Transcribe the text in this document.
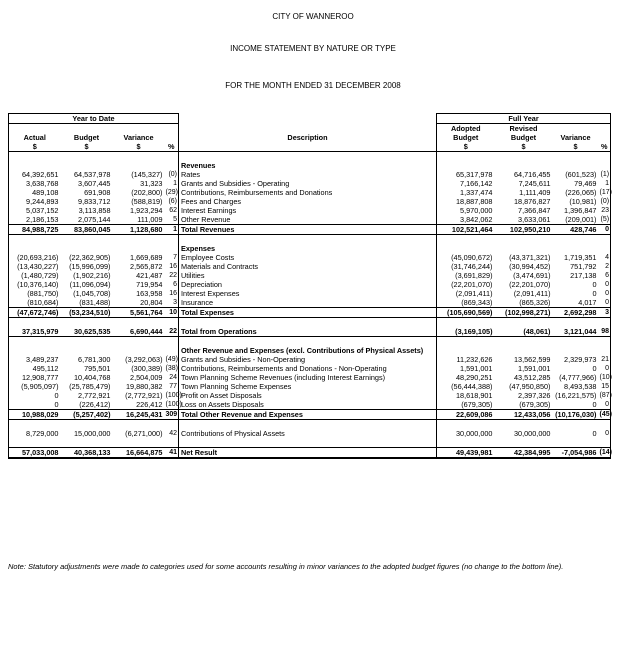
CITY OF WANNEROO
INCOME STATEMENT BY NATURE OR TYPE
FOR THE MONTH ENDED 31 DECEMBER 2008
Year to Date					Full Year			
					Adopted	Revised		
Actual	Budget	Variance		Description	Budget	Budget	Variance	
$	$	$	%		$	$	$	%

				Revenues				
64,392,651	64,537,978	(145,327)	(0)	Rates	65,317,978	64,716,455	(601,523)	(1)
3,638,768	3,607,445	31,323	1	Grants and Subsidies - Operating	7,166,142	7,245,611	79,469	1
489,108	691,908	(202,800)	(29)	Contributions, Reimbursements and Donations	1,337,474	1,111,409	(226,065)	(17)
9,244,893	9,833,712	(588,819)	(6)	Fees and Charges	18,887,808	18,876,827	(10,981)	(0)
5,037,152	3,113,858	1,923,294	62	Interest Earnings	5,970,000	7,366,847	1,396,847	23
2,186,153	2,075,144	111,009	5	Other Revenue	3,842,062	3,633,061	(209,001)	(5)
84,988,725	83,860,045	1,128,680	1	Total Revenues	102,521,464	102,950,210	428,746	0

				Expenses				
(20,693,216)	(22,362,905)	1,669,689	7	Employee Costs	(45,090,672)	(43,371,321)	1,719,351	4
(13,430,227)	(15,996,099)	2,565,872	16	Materials and Contracts	(31,746,244)	(30,994,452)	751,792	2
(1,480,729)	(1,902,216)	421,487	22	Utilities	(3,691,829)	(3,474,691)	217,138	6
(10,376,140)	(11,096,094)	719,954	6	Depreciation	(22,201,070)	(22,201,070)	0	0
(881,750)	(1,045,708)	163,958	16	Interest Expenses	(2,091,411)	(2,091,411)	0	0
(810,684)	(831,488)	20,804	3	Insurance	(869,343)	(865,326)	4,017	0
(47,672,746)	(53,234,510)	5,561,764	10	Total Expenses	(105,690,569)	(102,998,271)	2,692,298	3

37,315,979	30,625,535	6,690,444	22	Total from Operations	(3,169,105)	(48,061)	3,121,044	98

				Other Revenue and Expenses (excl. Contributions of Physical Assets)				
3,489,237	6,781,300	(3,292,063)	(49)	Grants and Subsidies - Non-Operating	11,232,626	13,562,599	2,329,973	21
495,112	795,501	(300,389)	(38)	Contributions, Reimbursements and Donations - Non-Operating	1,591,001	1,591,001	0	0
12,908,777	10,404,768	2,504,009	24	Town Planning Scheme Revenues (including Interest Earnings)	48,290,251	43,512,285	(4,777,966)	(10)
(5,905,097)	(25,785,479)	19,880,382	77	Town Planning Scheme Expenses	(56,444,388)	(47,950,850)	8,493,538	15
0	2,772,921	(2,772,921)	(100)	Profit on Asset Disposals	18,618,901	2,397,326	(16,221,575)	(87)
0	(226,412)	226,412	(100)	Loss on Assets Disposals	(679,305)	(679,305)	0	0
10,988,029	(5,257,402)	16,245,431	309	Total Other Revenue and Expenses	22,609,086	12,433,056	(10,176,030)	(45)

8,729,000	15,000,000	(6,271,000)	42	Contributions of Physical Assets	30,000,000	30,000,000	0	0

57,033,008	40,368,133	16,664,875	41	Net Result	49,439,981	42,384,995	-7,054,986	(14)
Note: Statutory adjustments were made to categories used for some accounts resulting in minor variances to the adopted budget figures (no change to the bottom line).
